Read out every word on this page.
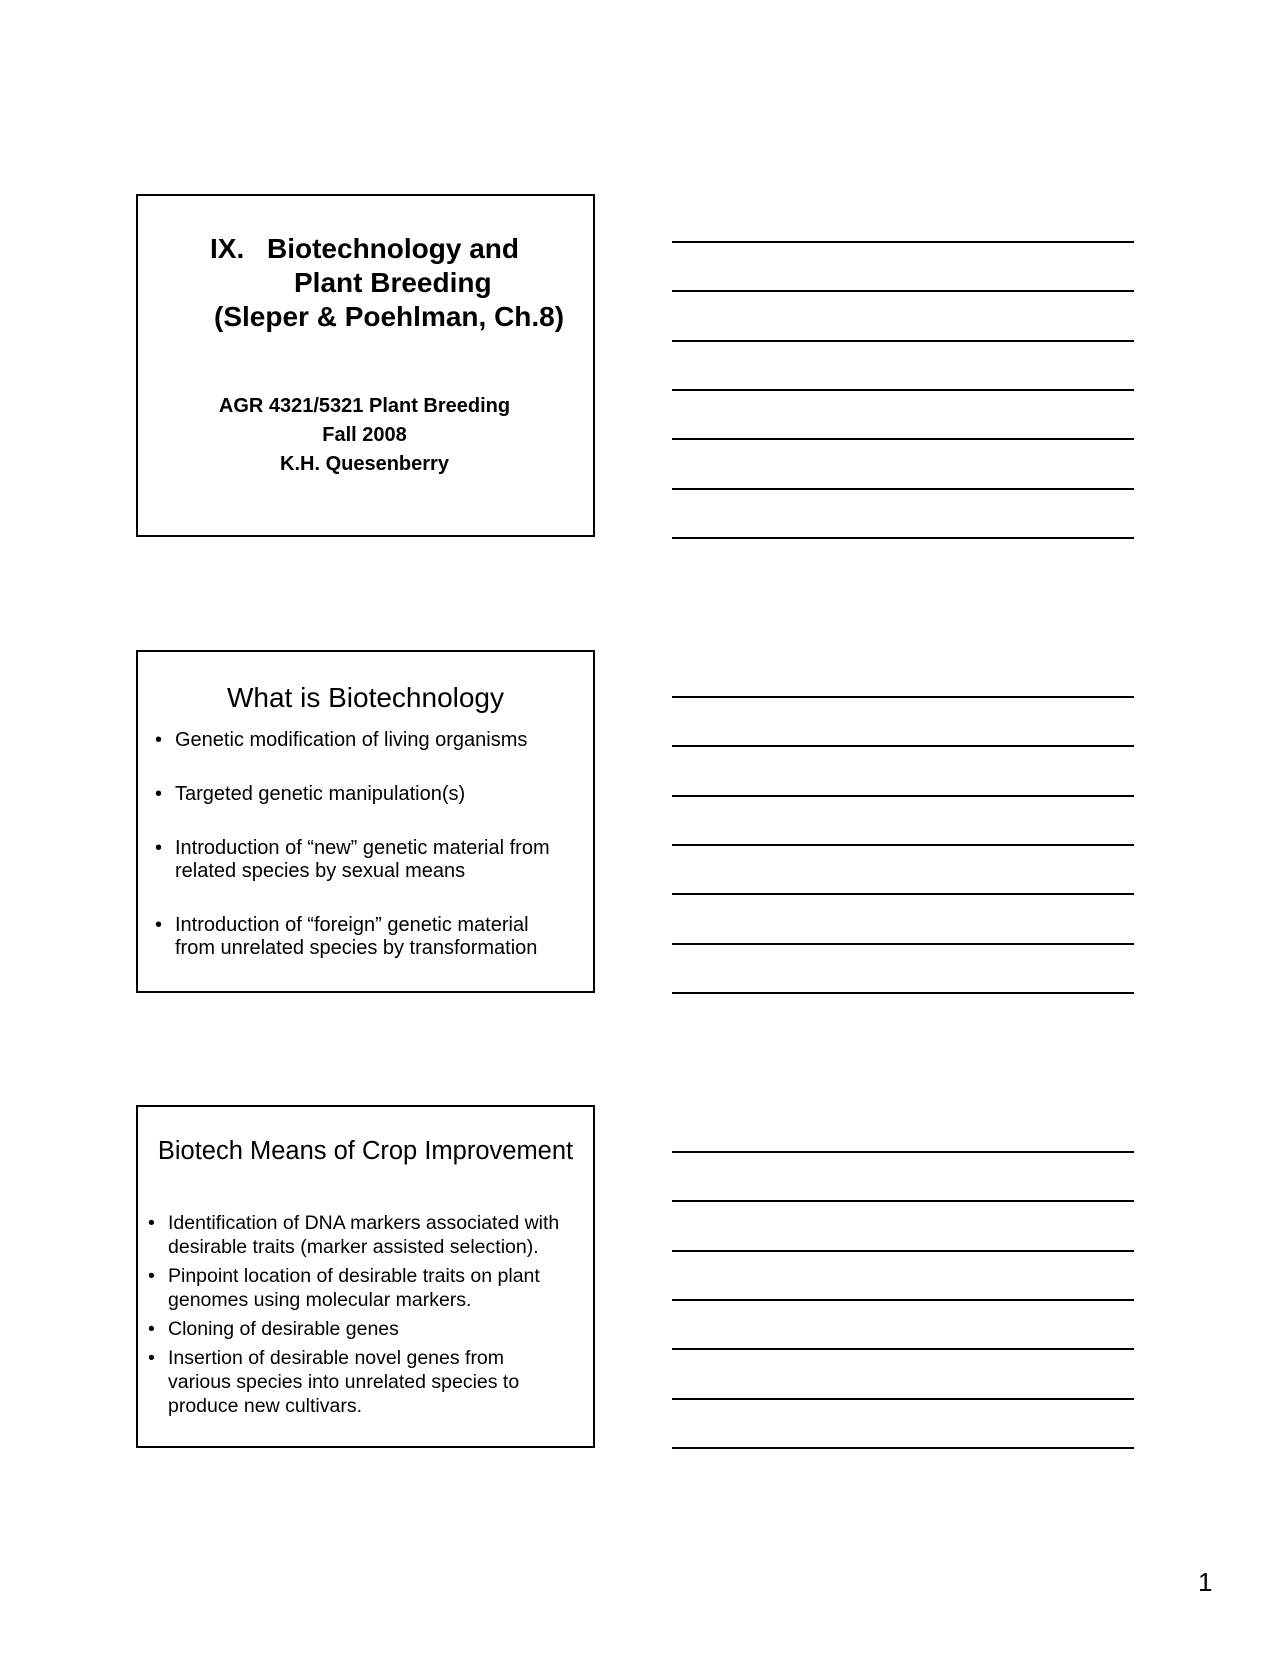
IX. Biotechnology and
Plant Breeding
(Sleper & Poehlman, Ch.8)
AGR 4321/5321 Plant Breeding
Fall 2008
K.H. Quesenberry
What is Biotechnology
• Genetic modification of living organisms
• Targeted genetic manipulation(s)
• Introduction of “new” genetic material from
related species by sexual means
• Introduction of “foreign” genetic material
from unrelated species by transformation
Biotech Means of Crop Improvement
• Identification of DNA markers associated with
desirable traits (marker assisted selection).
• Pinpoint location of desirable traits on plant
genomes using molecular markers.
• Cloning of desirable genes
• Insertion of desirable novel genes from
various species into unrelated species to
produce new cultivars.
1
